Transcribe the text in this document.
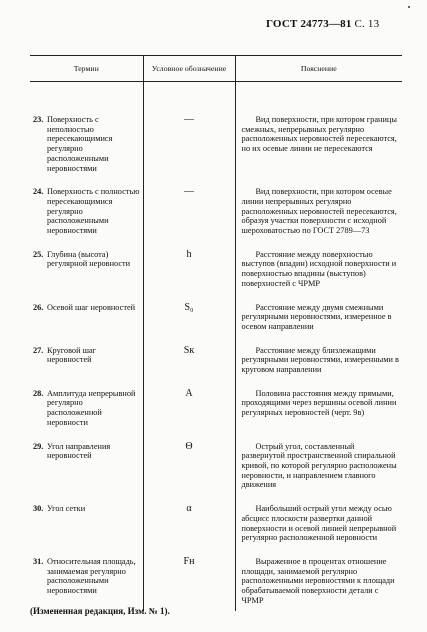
ГОСТ 24773—81 С. 13
Термин	Условное обозначение	Пояснение

23. Поверхность с неполностью пересекающимися регулярно расположенными неровностями	—	Вид поверхности, при котором границы смежных, непрерывных регулярно расположенных неровностей пересекаются, но их осевые линии не пересекаются

24. Поверхность с полностью пересекающимися регулярно расположенными неровностями	—	Вид поверхности, при котором осевые линии непрерывных регулярно расположенных неровностей пересекаются, образуя участки поверхности с исходной шероховатостью по ГОСТ 2789—73

25. Глубина (высота) регулярной неровности	h	Расстояние между поверхностью выступов (впадин) исходной поверхности и поверхностью впадины (выступов) поверхностей с ЧРМР

26. Осевой шаг неровностей	S₀	Расстояние между двумя смежными регулярными неровностями, измеренное в осевом направлении

27. Круговой шаг неровностей	Sк	Расстояние между близлежащими регулярными неровностями, измеренными в круговом направлении

28. Амплитуда непрерывной регулярно расположенной неровности	A	Половина расстояния между прямыми, проходящими через вершины осевой линии регулярных неровностей (черт. 9в)

29. Угол направления неровностей	Θ	Острый угол, составленный развернутой пространственной спиральной кривой, по которой регулярно расположены неровности, и направлением главного движения

30. Угол сетки	α	Наибольший острый угол между осью абсцисс плоскости развертки данной поверхности и осевой линией непрерывной регулярно расположенной неровности

31. Относительная площадь, занимаемая регулярно расположенными неровностями	Fн	Выраженное в процентах отношение площади, занимаемой регулярно расположенными неровностями к площади обрабатываемой поверхности детали с ЧРМР
(Измененная редакция, Изм. № 1).
